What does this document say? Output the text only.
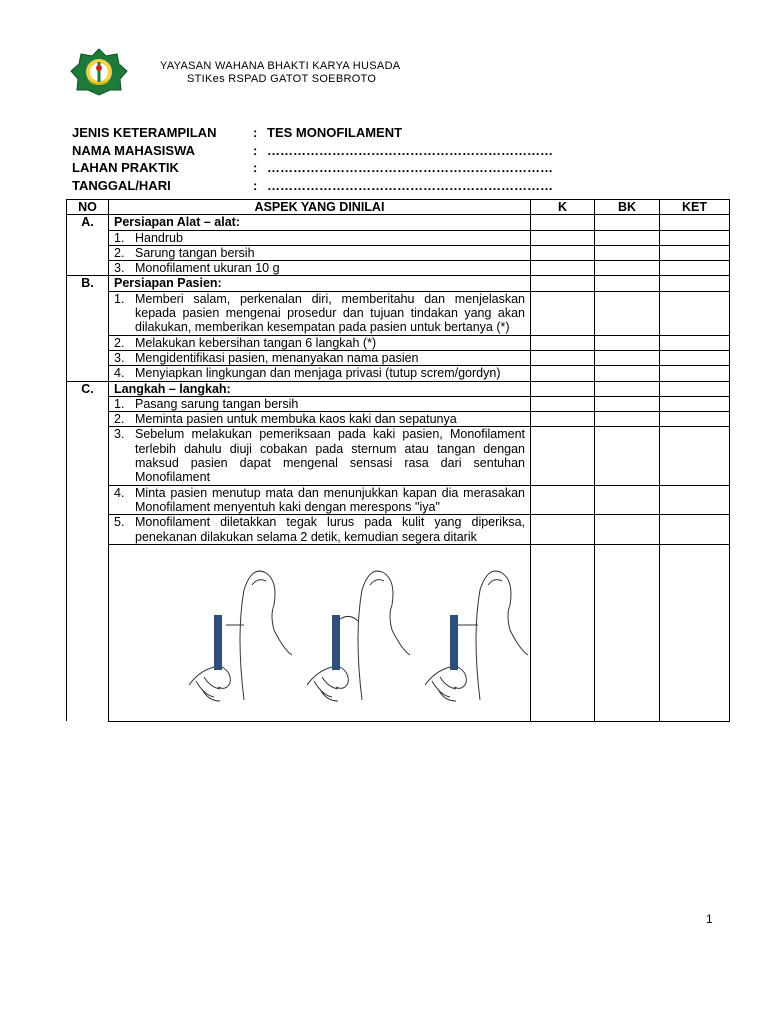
YAYASAN WAHANA BHAKTI KARYA HUSADA
STIKes RSPAD GATOT SOEBROTO
JENIS KETERAMPILAN	: TES MONOFILAMENT
NAMA MAHASISWA	: …………………………………………………………
LAHAN PRAKTIK	: …………………………………………………………
TANGGAL/HARI	: …………………………………………………………
NO	ASPEK YANG DINILAI	K	BK	KET
A.	Persiapan Alat – alat:			

	1. Handrub			

	2. Sarung tangan bersih			

	3. Monofilament ukuran 10 g			

B.	Persiapan Pasien:			

	1. Memberi salam, perkenalan diri, memberitahu dan menjelaskan kepada pasien mengenai prosedur dan tujuan tindakan yang akan dilakukan, memberikan kesempatan pada pasien untuk bertanya (*)			

	2. Melakukan kebersihan tangan 6 langkah (*)			

	3. Mengidentifikasi pasien, menanyakan nama pasien			

	4. Menyiapkan lingkungan dan menjaga privasi (tutup screm/gordyn)			

C.	Langkah – langkah:			

	1. Pasang sarung tangan bersih			

	2. Meminta pasien untuk membuka kaos kaki dan sepatunya			

	3. Sebelum melakukan pemeriksaan pada kaki pasien, Monofilament terlebih dahulu diuji cobakan pada sternum atau tangan dengan maksud pasien dapat mengenal sensasi rasa dari sentuhan Monofilament			

	4. Minta pasien menutup mata dan menunjukkan kapan dia merasakan Monofilament menyentuh kaki dengan merespons "iya"			

	5. Monofilament diletakkan tegak lurus pada kulit yang diperiksa, penekanan dilakukan selama 2 detik, kemudian segera ditarik			

1
